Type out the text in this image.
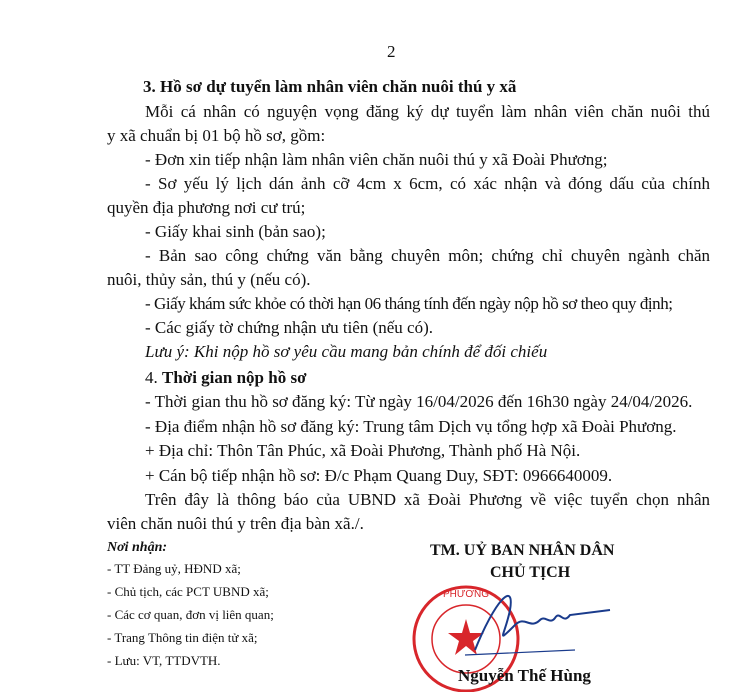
2
3. Hồ sơ dự tuyển làm nhân viên chăn nuôi thú y xã
Mỗi cá nhân có nguyện vọng đăng ký dự tuyển làm nhân viên chăn nuôi thú
y xã chuẩn bị 01 bộ hồ sơ, gồm:
- Đơn xin tiếp nhận làm nhân viên chăn nuôi thú y xã Đoài Phương;
- Sơ yếu lý lịch dán ảnh cỡ 4cm x 6cm, có xác nhận và đóng dấu của chính
quyền địa phương nơi cư trú;
- Giấy khai sinh (bản sao);
- Bản sao công chứng văn bằng chuyên môn; chứng chỉ chuyên ngành chăn
nuôi, thủy sản, thú y (nếu có).
- Giấy khám sức khỏe có thời hạn 06 tháng tính đến ngày nộp hồ sơ theo quy định;
- Các giấy tờ chứng nhận ưu tiên (nếu có).
Lưu ý: Khi nộp hồ sơ yêu cầu mang bản chính để đối chiếu
4. Thời gian nộp hồ sơ
- Thời gian thu hồ sơ đăng ký: Từ ngày 16/04/2026 đến 16h30 ngày 24/04/2026.
- Địa điểm nhận hồ sơ đăng ký: Trung tâm Dịch vụ tổng hợp xã Đoài Phương.
+ Địa chỉ: Thôn Tân Phúc, xã Đoài Phương, Thành phố Hà Nội.
+ Cán bộ tiếp nhận hồ sơ: Đ/c Phạm Quang Duy, SĐT: 0966640009.
Trên đây là thông báo của UBND xã Đoài Phương về việc tuyển chọn nhân
viên chăn nuôi thú y trên địa bàn xã./.
Nơi nhận:
- TT Đảng uỷ, HĐND xã;
- Chủ tịch, các PCT UBND xã;
- Các cơ quan, đơn vị liên quan;
- Trang Thông tin điện tử xã;
- Lưu: VT, TTDVTH.
TM. UỶ BAN NHÂN DÂN
CHỦ TỊCH
PHƯƠNG
Nguyễn Thế Hùng
